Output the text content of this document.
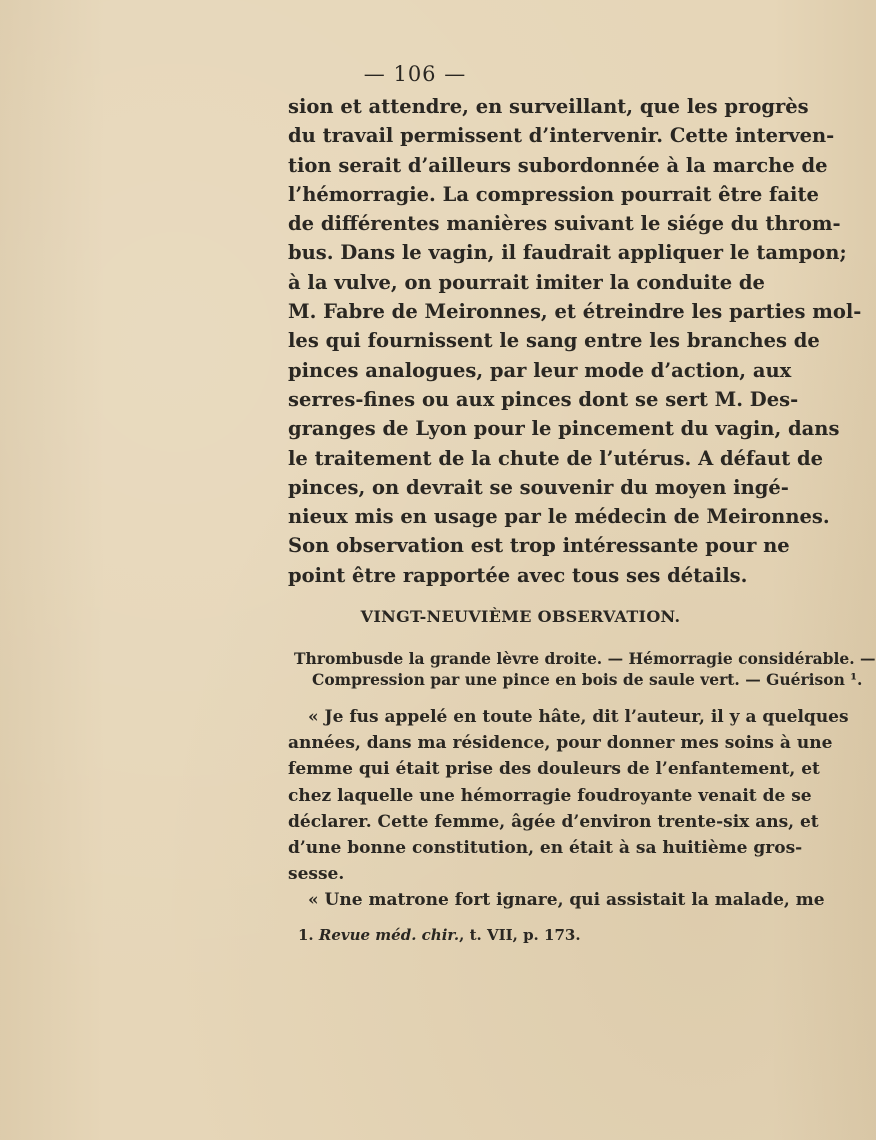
— 106 —
sion et attendre, en surveillant, que les progrès
du travail permissent d’intervenir. Cette interven-
tion serait d’ailleurs subordonnée à la marche de
l’hémorragie. La compression pourrait être faite
de différentes manières suivant le siége du throm-
bus. Dans le vagin, il faudrait appliquer le tampon;
à la vulve, on pourrait imiter la conduite de
M. Fabre de Meironnes, et étreindre les parties mol-
les qui fournissent le sang entre les branches de
pinces analogues, par leur mode d’action, aux
serres-fines ou aux pinces dont se sert M. Des-
granges de Lyon pour le pincement du vagin, dans
le traitement de la chute de l’utérus. A défaut de
pinces, on devrait se souvenir du moyen ingé-
nieux mis en usage par le médecin de Meironnes.
Son observation est trop intéressante pour ne
point être rapportée avec tous ses détails.
VINGT-NEUVIÈME OBSERVATION.
Thrombusde la grande lèvre droite. — Hémorragie considérable. —
Compression par une pince en bois de saule vert. — Guérison ¹.
« Je fus appelé en toute hâte, dit l’auteur, il y a quelques
années, dans ma résidence, pour donner mes soins à une
femme qui était prise des douleurs de l’enfantement, et
chez laquelle une hémorragie foudroyante venait de se
déclarer. Cette femme, âgée d’environ trente-six ans, et
d’une bonne constitution, en était à sa huitième gros-
sesse.
« Une matrone fort ignare, qui assistait la malade, me
1. Revue méd. chir., t. VII, p. 173.
